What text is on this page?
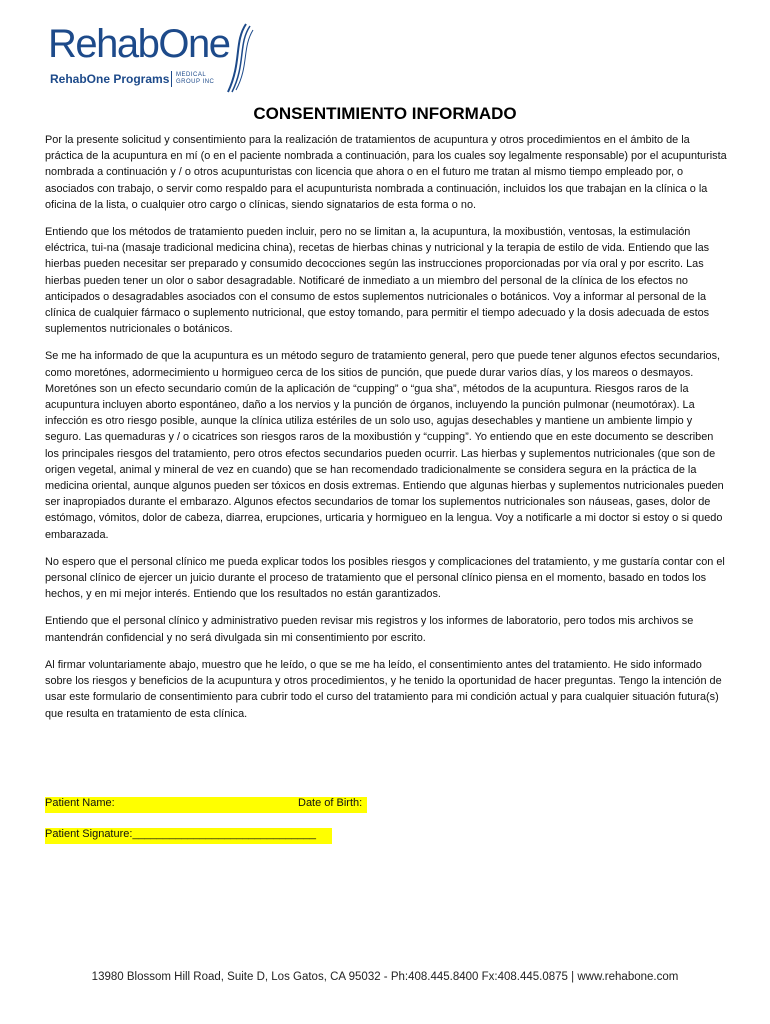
RehabOne
RehabOne Programs MEDICAL
GROUP INC
CONSENTIMIENTO INFORMADO

Por la presente solicitud y consentimiento para la realización de tratamientos de acupuntura y otros procedimientos en el ámbito de la práctica de la acupuntura en mí (o en el paciente nombrada a continuación, para los cuales soy legalmente responsable) por el acupunturista nombrada a continuación y / o otros acupunturistas con licencia que ahora o en el futuro me tratan al mismo tiempo empleado por, o asociados con trabajo, o servir como respaldo para el acupunturista nombrada a continuación, incluidos los que trabajan en la clínica o la oficina de la lista, o cualquier otro cargo o clínicas, siendo signatarios de esta forma o no.

Entiendo que los métodos de tratamiento pueden incluir, pero no se limitan a, la acupuntura, la moxibustión, ventosas, la estimulación eléctrica, tui-na (masaje tradicional medicina china), recetas de hierbas chinas y nutricional y la terapia de estilo de vida. Entiendo que las hierbas pueden necesitar ser preparado y consumido decocciones según las instrucciones proporcionadas por vía oral y por escrito. Las hierbas pueden tener un olor o sabor desagradable. Notificaré de inmediato a un miembro del personal de la clínica de los efectos no anticipados o desagradables asociados con el consumo de estos suplementos nutricionales o botánicos. Voy a informar al personal de la clínica de cualquier fármaco o suplemento nutricional, que estoy tomando, para permitir el tiempo adecuado y la dosis adecuada de estos suplementos nutricionales o botánicos.

Se me ha informado de que la acupuntura es un método seguro de tratamiento general, pero que puede tener algunos efectos secundarios, como moretónes, adormecimiento u hormigueo cerca de los sitios de punción, que puede durar varios días, y los mareos o desmayos. Moretónes son un efecto secundario común de la aplicación de “cupping” o “gua sha”, métodos de la acupuntura. Riesgos raros de la acupuntura incluyen aborto espontáneo, daño a los nervios y la punción de órganos, incluyendo la punción pulmonar (neumotórax). La infección es otro riesgo posible, aunque la clínica utiliza estériles de un solo uso, agujas desechables y mantiene un ambiente limpio y seguro. Las quemaduras y / o cicatrices son riesgos raros de la moxibustión y “cupping”. Yo entiendo que en este documento se describen los principales riesgos del tratamiento, pero otros efectos secundarios pueden ocurrir. Las hierbas y suplementos nutricionales (que son de origen vegetal, animal y mineral de vez en cuando) que se han recomendado tradicionalmente se considera segura en la práctica de la medicina oriental, aunque algunos pueden ser tóxicos en dosis extremas. Entiendo que algunas hierbas y suplementos nutricionales pueden ser inapropiados durante el embarazo. Algunos efectos secundarios de tomar los suplementos nutricionales son náuseas, gases, dolor de estómago, vómitos, dolor de cabeza, diarrea, erupciones, urticaria y hormigueo en la lengua. Voy a notificarle a mi doctor si estoy o si quedo embarazada.

No espero que el personal clínico me pueda explicar todos los posibles riesgos y complicaciones del tratamiento, y me gustaría contar con el personal clínico de ejercer un juicio durante el proceso de tratamiento que el personal clínico piensa en el momento, basado en todos los hechos, y en mi mejor interés. Entiendo que los resultados no están garantizados.

Entiendo que el personal clínico y administrativo pueden revisar mis registros y los informes de laboratorio, pero todos mis archivos se mantendrán confidencial y no será divulgada sin mi consentimiento por escrito.

Al firmar voluntariamente abajo, muestro que he leído, o que se me ha leído, el consentimiento antes del tratamiento. He sido informado sobre los riesgos y beneficios de la acupuntura y otros procedimientos, y he tenido la oportunidad de hacer preguntas. Tengo la intención de usar este formulario de consentimiento para cubrir todo el curso del tratamiento para mi condición actual y para cualquier situación futura(s) que resulta en tratamiento de esta clínica.

Patient Name:	Date of Birth:
Patient Signature:______________________________
13980 Blossom Hill Road, Suite D, Los Gatos, CA 95032 - Ph:408.445.8400 Fx:408.445.0875 | www.rehabone.com
